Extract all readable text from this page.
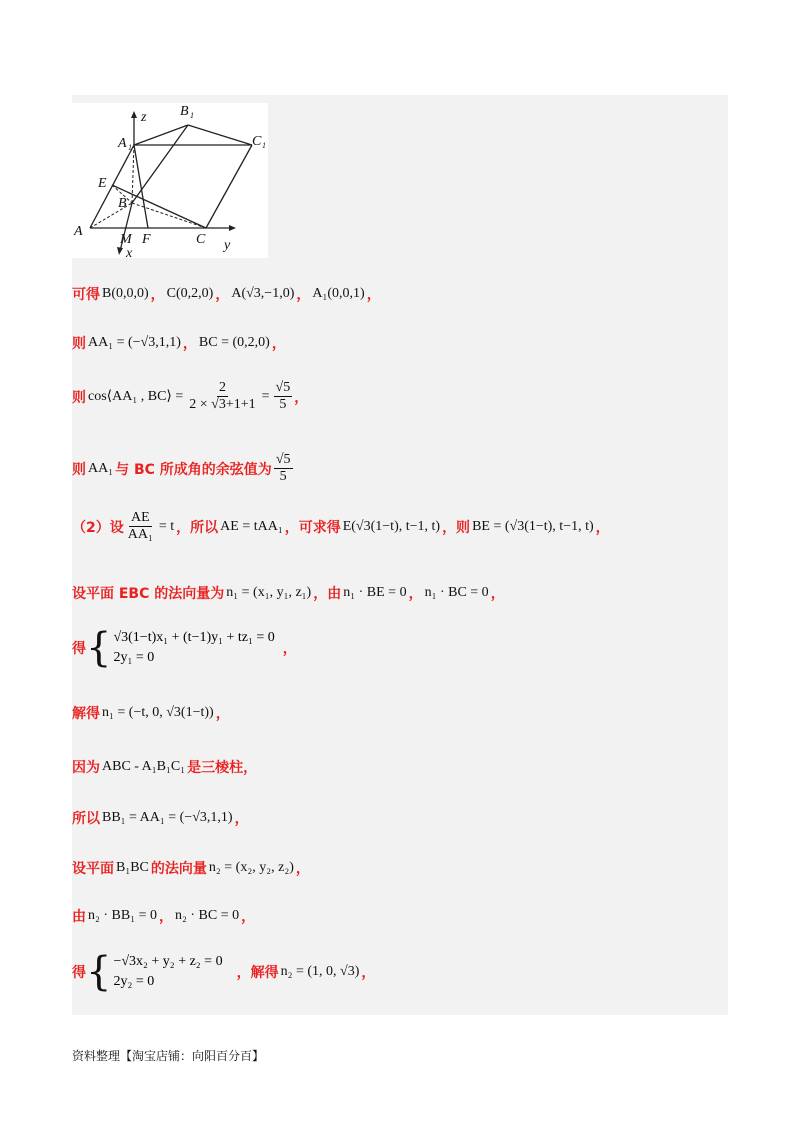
z B 1
A 1	C 1
E
B
A
M F	C y
x
可得 B(0,0,0) ， C(0,2,0) ， A(√3,−1,0) ， A₁(0,0,1) ，
则 AA₁ = (−√3,1,1) ， BC = (0,2,0) ，
则 cos⟨AA₁ , BC⟩ = $\frac{2}{2 \times √3+1+1} = \frac{√5}{5}$ ，
则 AA₁ 与 BC 所成角的余弦值为 $\frac{√5}{5}$
（2）设 $\frac{AE}{\text{AA₁}} = t$ ，所以 AE = tAA₁ ，可求得 E(√3(1−t), t−1, t) ，则 BE = (√3(1−t), t−1, t) ，
设平面 EBC 的法向量为 n₁ = (x₁, y₁, z₁) ，由 n₁ · BE = 0 ， n₁ · BC = 0 ，
得 { √3(1−t)x₁ + (t−1)y₁ + tz₁ = 0
2y₁ = 0
，
解得 n₁ = (−t, 0, √3(1−t)) ，
因为 ABC - A₁B₁C₁ 是三棱柱，
所以 BB₁ = AA₁ = (−√3,1,1) ，
设平面 B₁BC 的法向量 n₂ = (x₂, y₂, z₂) ，
由 n₂ · BB₁ = 0 ， n₂ · BC = 0 ，
得 { −√3x₂ + y₂ + z₂ = 0
2y₂ = 0
，解得 n₂ = (1, 0, √3) ，
资料整理【淘宝店铺：向阳百分百】
